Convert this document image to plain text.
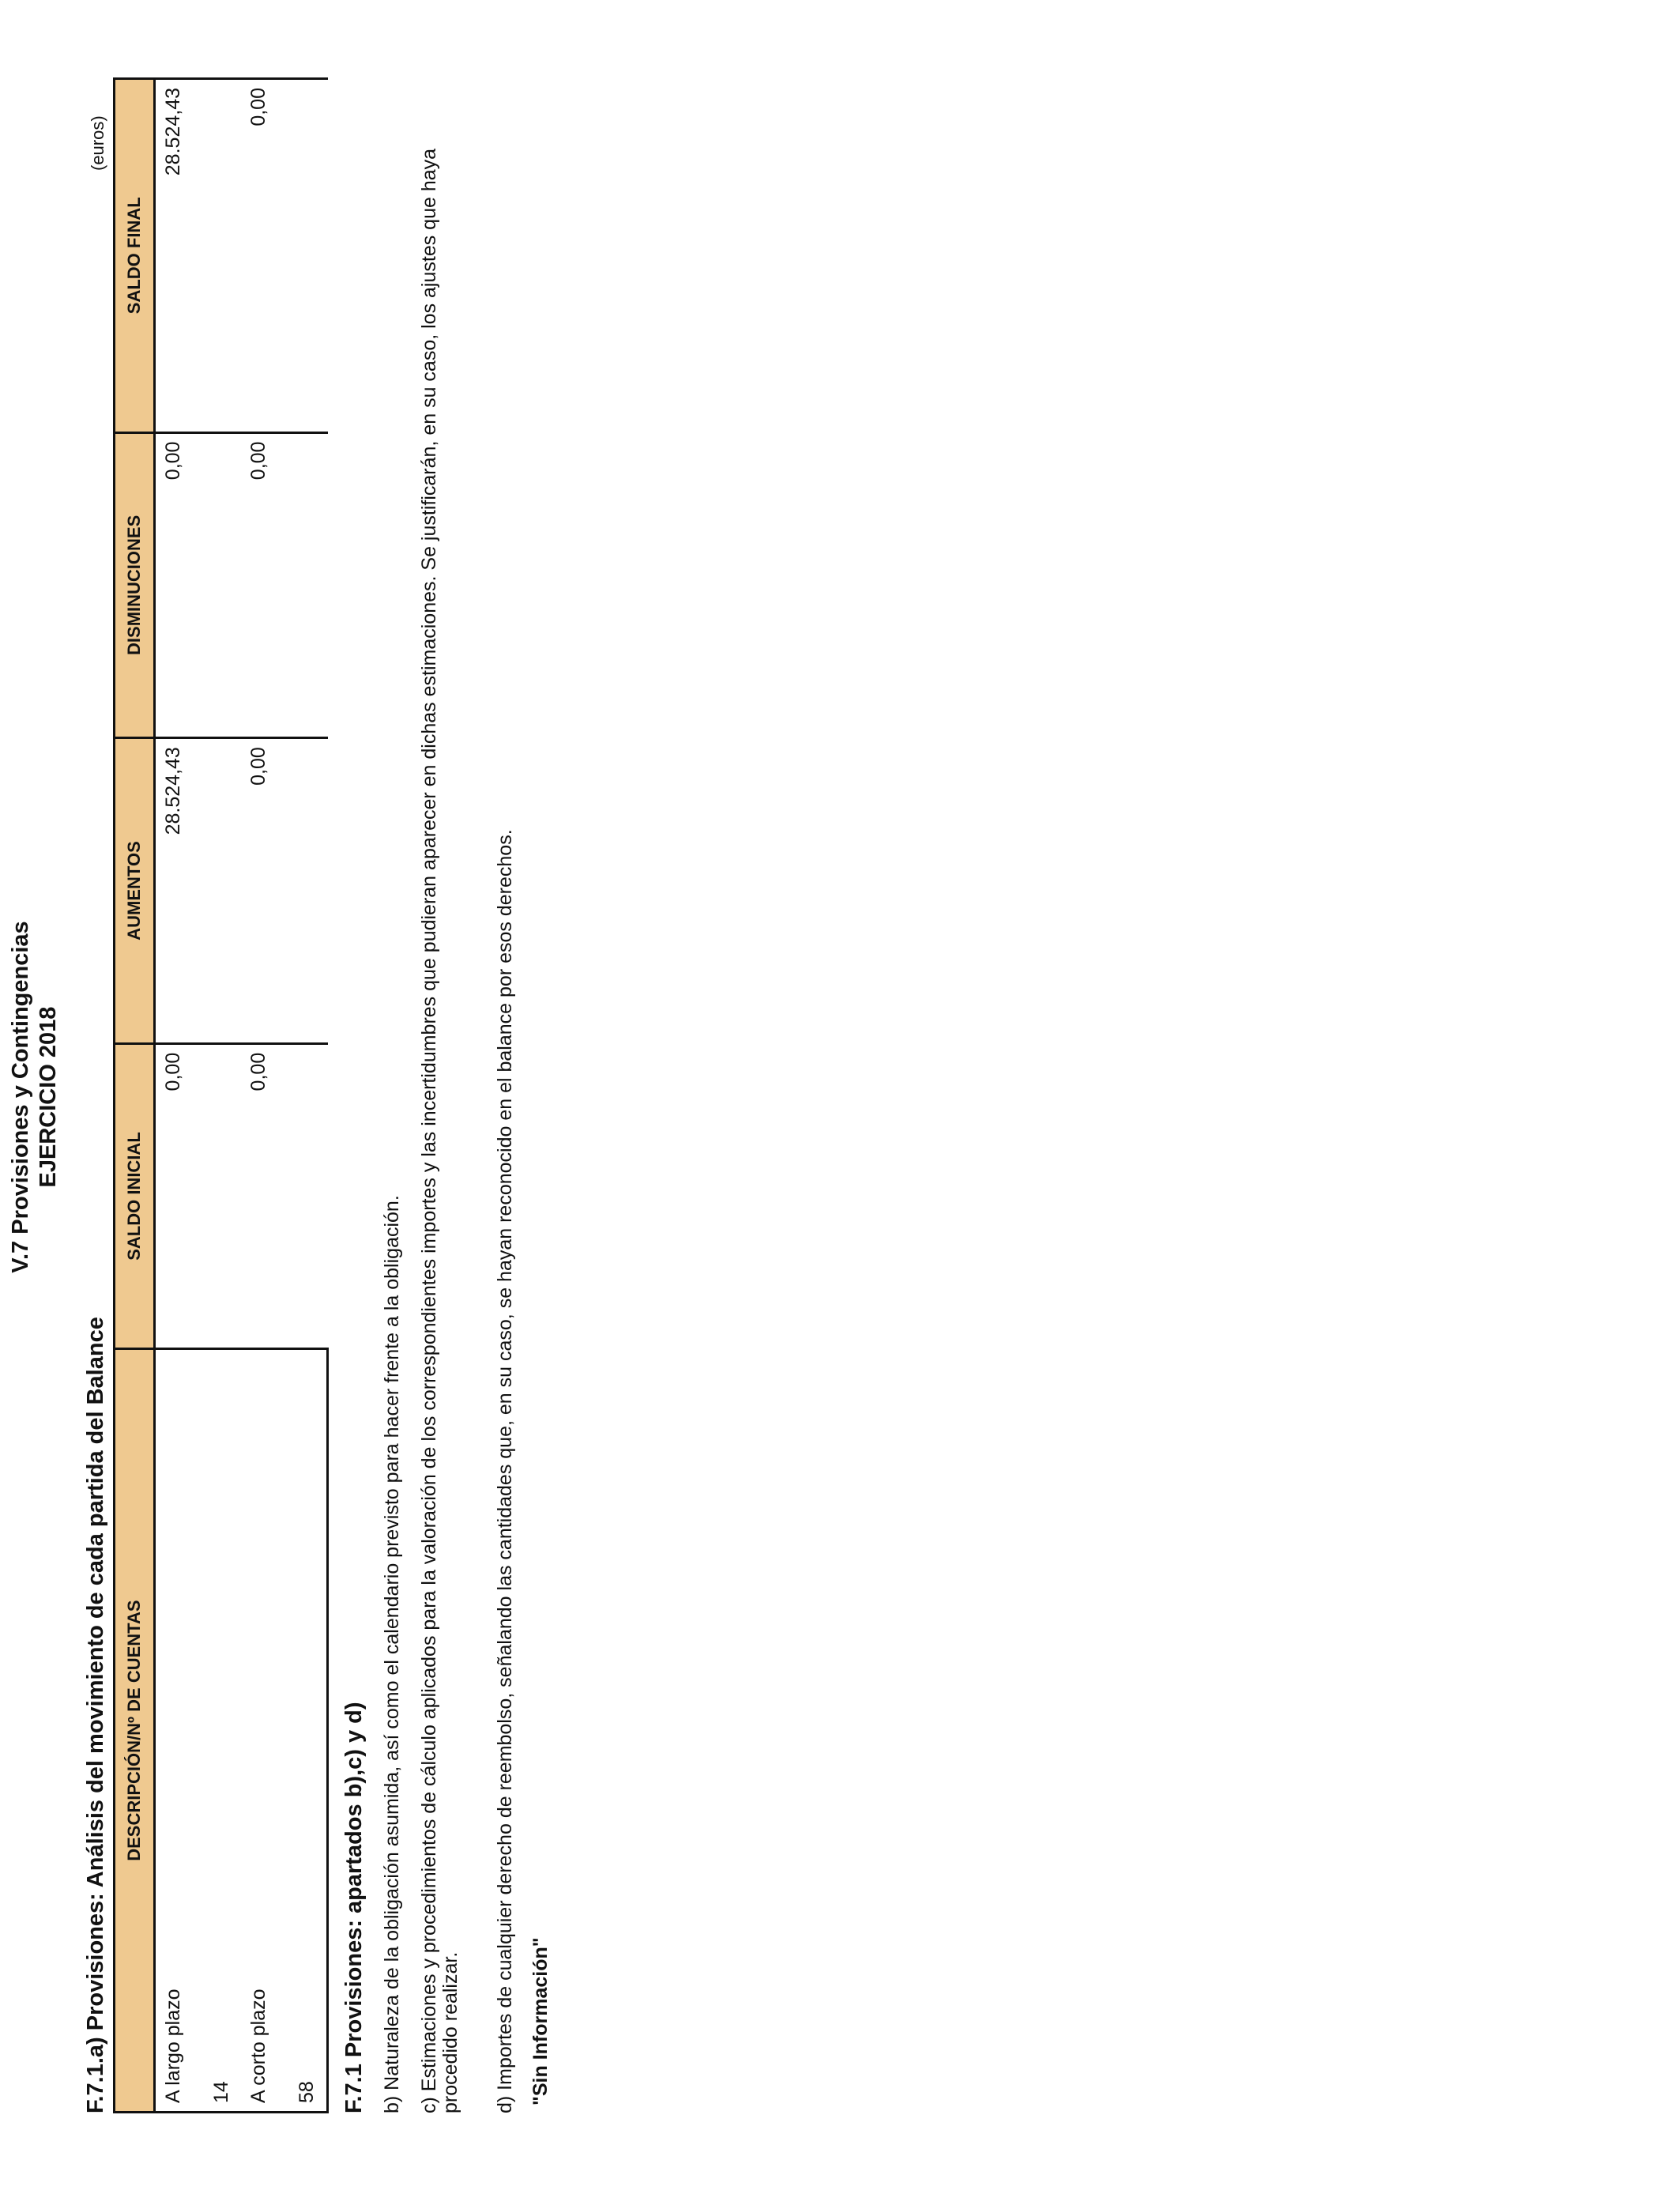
V.7 Provisiones y Contingencias EJERCICIO 2018
F.7.1.a) Provisiones: Análisis del movimiento de cada partida del Balance
(euros)
DESCRIPCIÓN/Nº DE CUENTAS	SALDO INICIAL	AUMENTOS	DISMINUCIONES	SALDO FINAL
A largo plazo	0,00	28.524,43	0,00	28.524,43
14				
A corto plazo	0,00	0,00	0,00	0,00
58				F.7.1 Provisiones: apartados b),c) y d) b) Naturaleza de la obligación asumida, así como el calendario previsto para hacer frente a la obligación. c) Estimaciones y procedimientos de cálculo aplicados para la valoración de los correspondientes importes y las incertidumbres que pudieran aparecer en dichas estimaciones. Se justificarán, en su caso, los ajustes que haya procedido realizar. d) Importes de cualquier derecho de reembolso, señalando las cantidades que, en su caso, se hayan reconocido en el balance por esos derechos. "Sin Información"
